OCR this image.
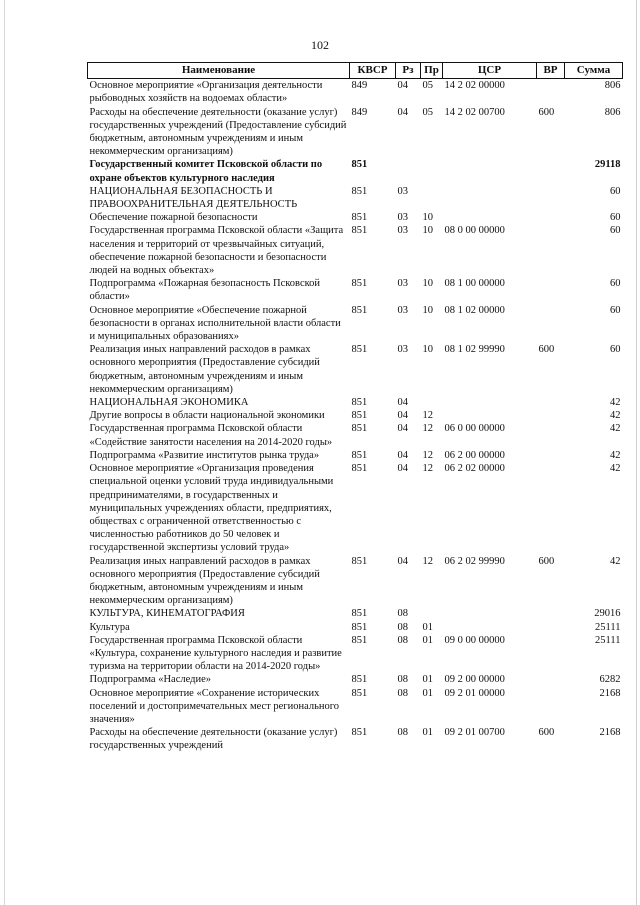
102
Наименование	КВСР	Рз	Пр	ЦСР	ВР	Сумма
Основное мероприятие «Организация деятельности рыбоводных хозяйств на водоемах области»	849	04	05	14 2 02 00000		806
Расходы на обеспечение деятельности (оказание услуг) государственных учреждений (Предоставление субсидий бюджетным, автономным учреждениям и иным некоммерческим организациям)	849	04	05	14 2 02 00700	600	806
Государственный комитет Псковской области по охране объектов культурного наследия	851					29118
НАЦИОНАЛЬНАЯ БЕЗОПАСНОСТЬ И ПРАВООХРАНИТЕЛЬНАЯ ДЕЯТЕЛЬНОСТЬ	851	03				60
Обеспечение пожарной безопасности	851	03	10			60
Государственная программа Псковской области «Защита населения и территорий от чрезвычайных ситуаций, обеспечение пожарной безопасности и безопасности людей на водных объектах»	851	03	10	08 0 00 00000		60
Подпрограмма «Пожарная безопасность Псковской области»	851	03	10	08 1 00 00000		60
Основное мероприятие «Обеспечение пожарной безопасности в органах исполнительной власти области и муниципальных образованиях»	851	03	10	08 1 02 00000		60
Реализация иных направлений расходов в рамках основного мероприятия (Предоставление субсидий бюджетным, автономным учреждениям и иным некоммерческим организациям)	851	03	10	08 1 02 99990	600	60
НАЦИОНАЛЬНАЯ ЭКОНОМИКА	851	04				42
Другие вопросы в области национальной экономики	851	04	12			42
Государственная программа Псковской области «Содействие занятости населения на 2014-2020 годы»	851	04	12	06 0 00 00000		42
Подпрограмма «Развитие институтов рынка труда»	851	04	12	06 2 00 00000		42
Основное мероприятие «Организация проведения специальной оценки условий труда индивидуальными предпринимателями, в государственных и муниципальных учреждениях области, предприятиях, обществах с ограниченной ответственностью с численностью работников до 50 человек и государственной экспертизы условий труда»	851	04	12	06 2 02 00000		42
Реализация иных направлений расходов в рамках основного мероприятия (Предоставление субсидий бюджетным, автономным учреждениям и иным некоммерческим организациям)	851	04	12	06 2 02 99990	600	42
КУЛЬТУРА, КИНЕМАТОГРАФИЯ	851	08				29016
Культура	851	08	01			25111
Государственная программа Псковской области «Культура, сохранение культурного наследия и развитие туризма на территории области на 2014-2020 годы»	851	08	01	09 0 00 00000		25111
Подпрограмма «Наследие»	851	08	01	09 2 00 00000		6282
Основное мероприятие «Сохранение исторических поселений и достопримечательных мест регионального значения»	851	08	01	09 2 01 00000		2168
Расходы на обеспечение деятельности (оказание услуг) государственных учреждений	851	08	01	09 2 01 00700	600	2168
